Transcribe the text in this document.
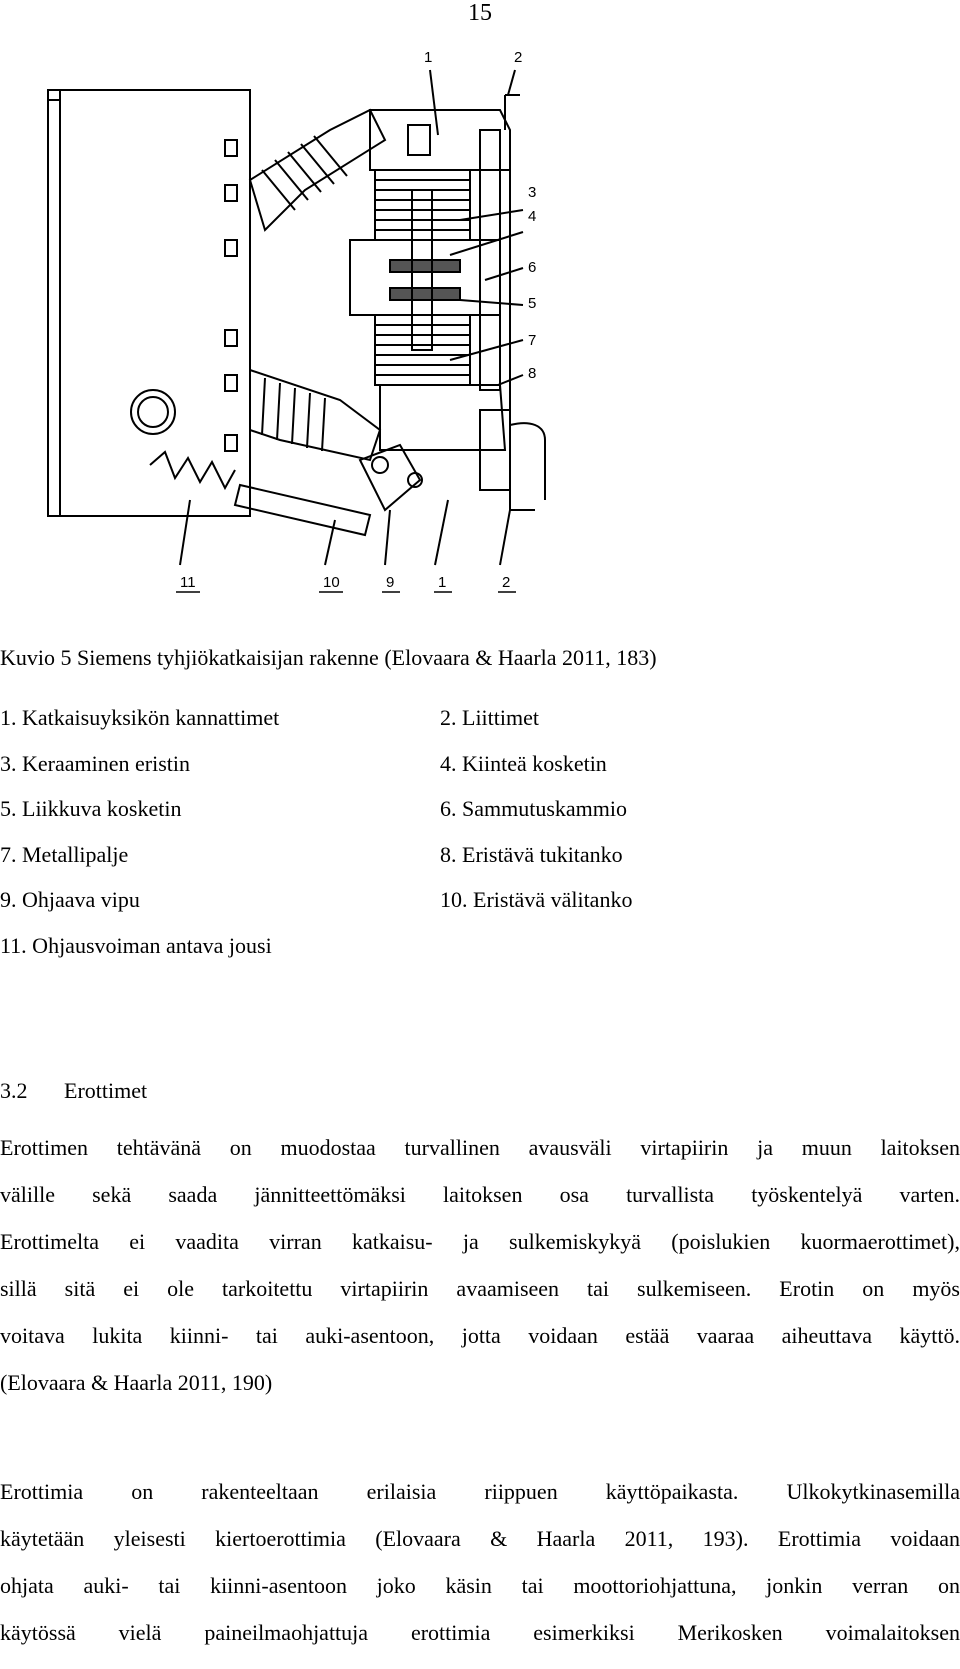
15
1	2
3
4
6
5
7
8
11	10	9	1	2
Kuvio 5 Siemens tyhjiökatkaisijan rakenne (Elovaara & Haarla 2011, 183)
1. Katkaisuyksikön kannattimet	2. Liittimet
3. Keraaminen eristin	4. Kiinteä kosketin
5. Liikkuva kosketin	6. Sammutuskammio
7. Metallipalje	8. Eristävä tukitanko
9. Ohjaava vipu	10. Eristävä välitanko
11. Ohjausvoiman antava jousi
3.2 Erottimet
Erottimen tehtävänä on muodostaa turvallinen avausväli virtapiirin ja muun laitoksen
välille sekä saada jännitteettömäksi laitoksen osa turvallista työskentelyä varten.
Erottimelta ei vaadita virran katkaisu- ja sulkemiskykyä (poislukien kuormaerottimet),
sillä sitä ei ole tarkoitettu virtapiirin avaamiseen tai sulkemiseen. Erotin on myös
voitava lukita kiinni- tai auki-asentoon, jotta voidaan estää vaaraa aiheuttava käyttö.
(Elovaara & Haarla 2011, 190)
Erottimia on rakenteeltaan erilaisia riippuen käyttöpaikasta. Ulkokytkinasemilla
käytetään yleisesti kiertoerottimia (Elovaara & Haarla 2011, 193). Erottimia voidaan
ohjata auki- tai kiinni-asentoon joko käsin tai moottoriohjattuna, jonkin verran on
käytössä vielä paineilmaohjattuja erottimia esimerkiksi Merikosken voimalaitoksen
